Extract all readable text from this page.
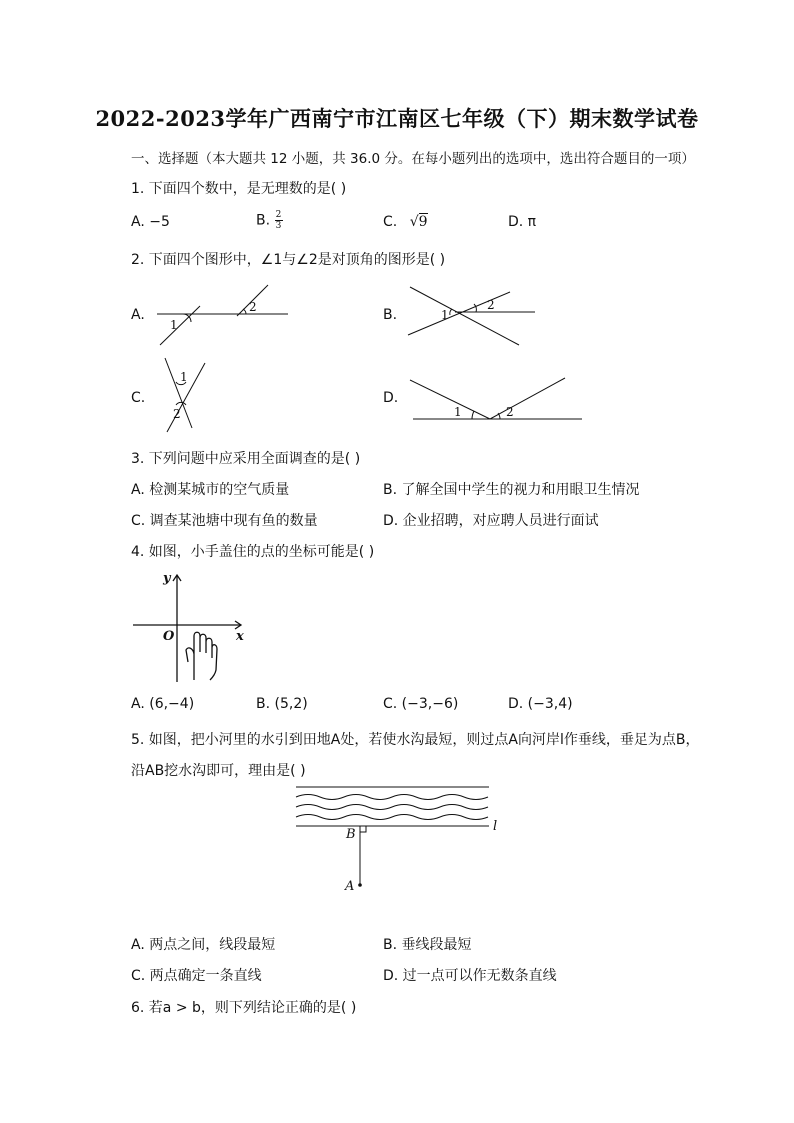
2022-2023学年广西南宁市江南区七年级（下）期末数学试卷
一、选择题（本大题共 12 小题，共 36.0 分。在每小题列出的选项中，选出符合题目的一项）
1. 下面四个数中，是无理数的是( )
A. −5	B. $\frac{2}{3}$	C. √9	D. π
2. 下面四个图形中，∠1与∠2是对顶角的图形是( )
A.	B.
C.	D.
1
2
1
2
1
2	1	2
3. 下列问题中应采用全面调查的是( )
A. 检测某城市的空气质量	B. 了解全国中学生的视力和用眼卫生情况
C. 调查某池塘中现有鱼的数量	D. 企业招聘，对应聘人员进行面试
4. 如图，小手盖住的点的坐标可能是( )
y
x
O
A. (6,−4)	B. (5,2)	C. (−3,−6)	D. (−3,4)
5. 如图，把小河里的水引到田地A处，若使水沟最短，则过点A向河岸l作垂线，垂足为点B，
沿AB挖水沟即可，理由是( )
l
B
A
A. 两点之间，线段最短	B. 垂线段最短
C. 两点确定一条直线	D. 过一点可以作无数条直线
6. 若a > b，则下列结论正确的是( )
